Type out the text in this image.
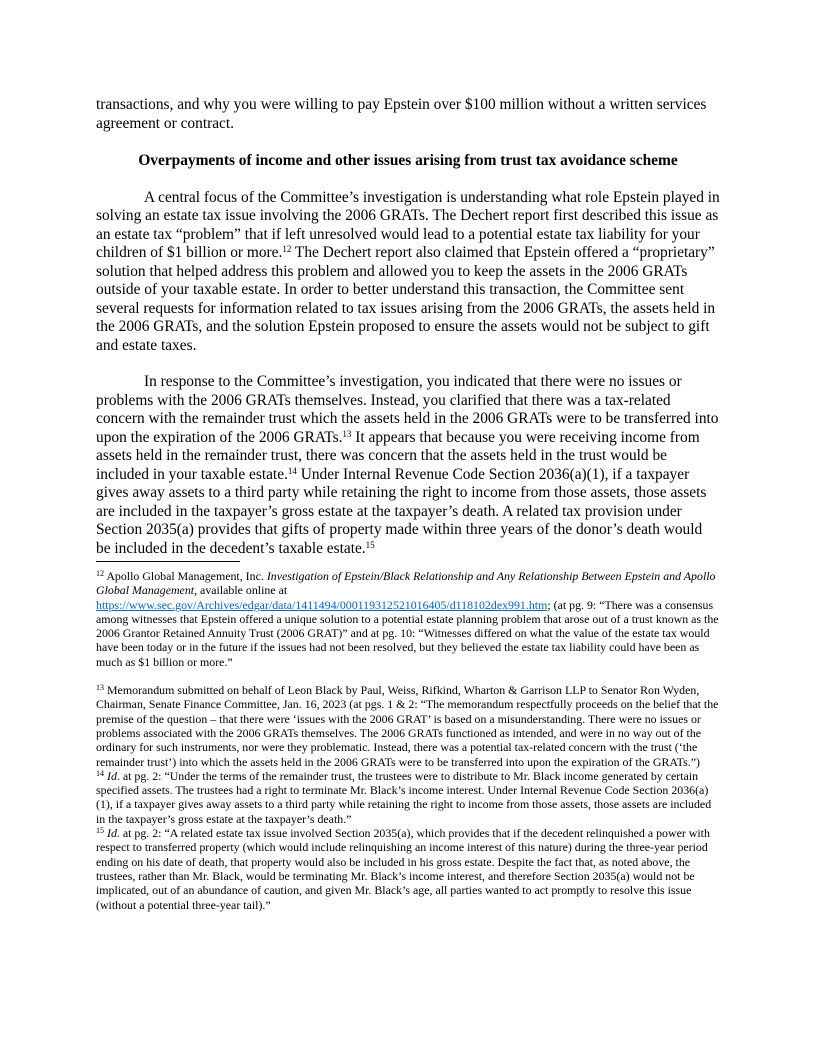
transactions, and why you were willing to pay Epstein over $100 million without a written services agreement or contract.

Overpayments of income and other issues arising from trust tax avoidance scheme

A central focus of the Committee’s investigation is understanding what role Epstein played in solving an estate tax issue involving the 2006 GRATs. The Dechert report first described this issue as an estate tax “problem” that if left unresolved would lead to a potential estate tax liability for your children of $1 billion or more.$^{12}$ The Dechert report also claimed that Epstein offered a “proprietary” solution that helped address this problem and allowed you to keep the assets in the 2006 GRATs outside of your taxable estate. In order to better understand this transaction, the Committee sent several requests for information related to tax issues arising from the 2006 GRATs, the assets held in the 2006 GRATs, and the solution Epstein proposed to ensure the assets would not be subject to gift and estate taxes.

In response to the Committee’s investigation, you indicated that there were no issues or problems with the 2006 GRATs themselves. Instead, you clarified that there was a tax-related concern with the remainder trust which the assets held in the 2006 GRATs were to be transferred into upon the expiration of the 2006 GRATs.$^{13}$ It appears that because you were receiving income from assets held in the remainder trust, there was concern that the assets held in the trust would be included in your taxable estate.$^{14}$ Under Internal Revenue Code Section 2036(a)(1), if a taxpayer gives away assets to a third party while retaining the right to income from those assets, those assets are included in the taxpayer’s gross estate at the taxpayer’s death. A related tax provision under Section 2035(a) provides that gifts of property made within three years of the donor’s death would be included in the decedent’s taxable estate.$^{15}$

$^{12}$ Apollo Global Management, Inc. Investigation of Epstein/Black Relationship and Any Relationship Between Epstein and Apollo Global Management, available online at
https://www.sec.gov/Archives/edgar/data/1411494/000119312521016405/d118102dex991.htm; (at pg. 9: “There was a consensus among witnesses that Epstein offered a unique solution to a potential estate planning problem that arose out of a trust known as the 2006 Grantor Retained Annuity Trust (2006 GRAT)” and at pg. 10: “Witnesses differed on what the value of the estate tax would have been today or in the future if the issues had not been resolved, but they believed the estate tax liability could have been as much as $1 billion or more.”

$^{13}$ Memorandum submitted on behalf of Leon Black by Paul, Weiss, Rifkind, Wharton & Garrison LLP to Senator Ron Wyden, Chairman, Senate Finance Committee, Jan. 16, 2023 (at pgs. 1 & 2: “The memorandum respectfully proceeds on the belief that the premise of the question – that there were ‘issues with the 2006 GRAT’ is based on a misunderstanding. There were no issues or problems associated with the 2006 GRATs themselves. The 2006 GRATs functioned as intended, and were in no way out of the ordinary for such instruments, nor were they problematic. Instead, there was a potential tax-related concern with the trust (‘the remainder trust’) into which the assets held in the 2006 GRATs were to be transferred into upon the expiration of the GRATs.”)

$^{14}$ Id. at pg. 2: “Under the terms of the remainder trust, the trustees were to distribute to Mr. Black income generated by certain specified assets. The trustees had a right to terminate Mr. Black’s income interest. Under Internal Revenue Code Section 2036(a)(1), if a taxpayer gives away assets to a third party while retaining the right to income from those assets, those assets are included in the taxpayer’s gross estate at the taxpayer’s death.”

$^{15}$ Id. at pg. 2: “A related estate tax issue involved Section 2035(a), which provides that if the decedent relinquished a power with respect to transferred property (which would include relinquishing an income interest of this nature) during the three-year period ending on his date of death, that property would also be included in his gross estate. Despite the fact that, as noted above, the trustees, rather than Mr. Black, would be terminating Mr. Black’s income interest, and therefore Section 2035(a) would not be implicated, out of an abundance of caution, and given Mr. Black’s age, all parties wanted to act promptly to resolve this issue (without a potential three-year tail).”
